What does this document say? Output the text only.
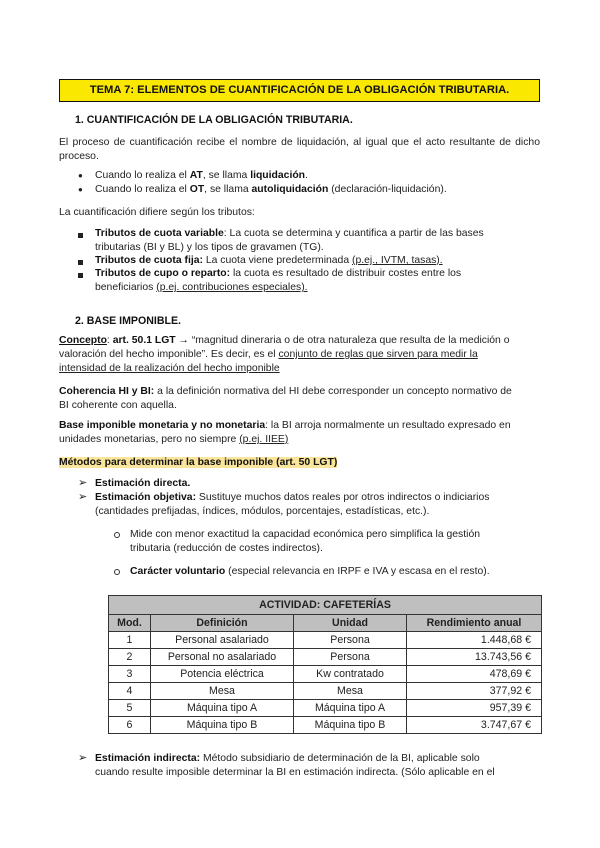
TEMA 7: ELEMENTOS DE CUANTIFICACIÓN DE LA OBLIGACIÓN TRIBUTARIA.
1. CUANTIFICACIÓN DE LA OBLIGACIÓN TRIBUTARIA.
El proceso de cuantificación recibe el nombre de liquidación, al igual que el acto resultante de dicho proceso.
● Cuando lo realiza el AT, se llama liquidación.
● Cuando lo realiza el OT, se llama autoliquidación (declaración-liquidación).
La cuantificación difiere según los tributos:
Tributos de cuota variable: La cuota se determina y cuantifica a partir de las bases
tributarias (BI y BL) y los tipos de gravamen (TG).
Tributos de cuota fija: La cuota viene predeterminada (p.ej., IVTM, tasas).
Tributos de cupo o reparto: la cuota es resultado de distribuir costes entre los
beneficiarios (p.ej. contribuciones especiales).
2. BASE IMPONIBLE.
Concepto: art. 50.1 LGT → “magnitud dineraria o de otra naturaleza que resulta de la medición o
valoración del hecho imponible”. Es decir, es el conjunto de reglas que sirven para medir la
intensidad de la realización del hecho imponible
Coherencia HI y BI: a la definición normativa del HI debe corresponder un concepto normativo de
BI coherente con aquella.
Base imponible monetaria y no monetaria: la BI arroja normalmente un resultado expresado en
unidades monetarias, pero no siempre (p.ej. IIEE)
Métodos para determinar la base imponible (art. 50 LGT)
➢ Estimación directa.
➢ Estimación objetiva: Sustituye muchos datos reales por otros indirectos o indiciarios
(cantidades prefijadas, índices, módulos, porcentajes, estadísticas, etc.).
Mide con menor exactitud la capacidad económica pero simplifica la gestión
tributaria (reducción de costes indirectos).
Carácter voluntario (especial relevancia en IRPF e IVA y escasa en el resto).
ACTIVIDAD: CAFETERÍAS			
Mod.	Definición	Unidad	Rendimiento anual
1	Personal asalariado	Persona	1.448,68 €
2	Personal no asalariado	Persona	13.743,56 €
3	Potencia eléctrica	Kw contratado	478,69 €
4	Mesa	Mesa	377,92 €
5	Máquina tipo A	Máquina tipo A	957,39 €
6	Máquina tipo B	Máquina tipo B	3.747,67 €
➢ Estimación indirecta: Método subsidiario de determinación de la BI, aplicable solo
cuando resulte imposible determinar la BI en estimación indirecta. (Sólo aplicable en el
